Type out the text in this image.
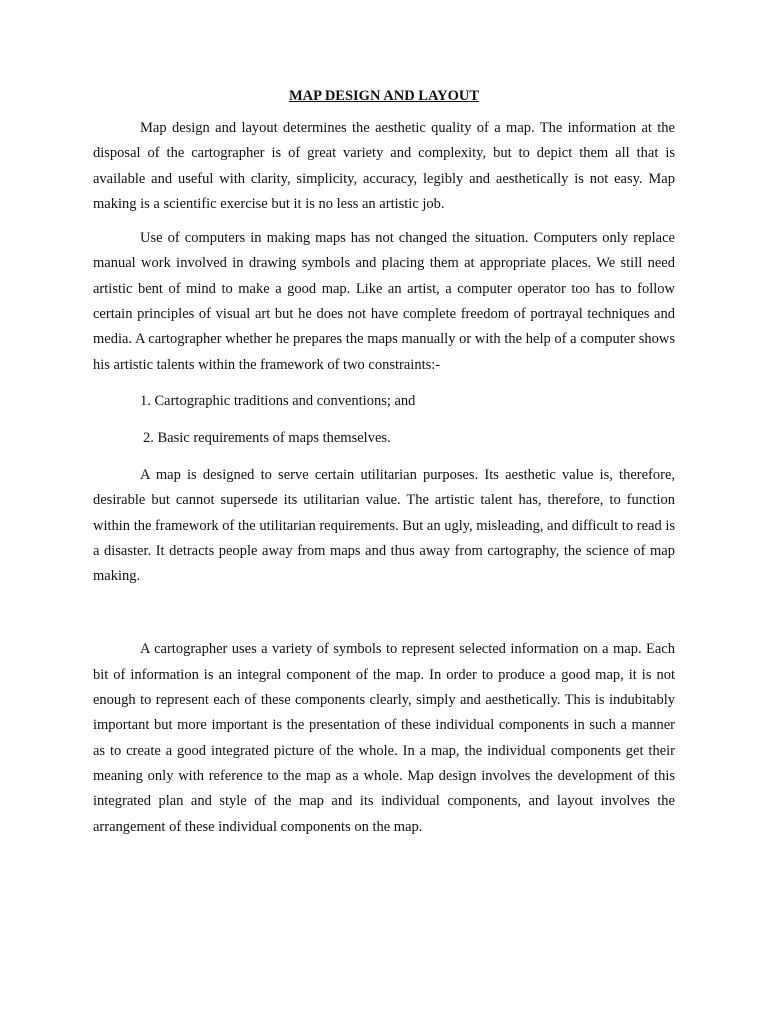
MAP DESIGN AND LAYOUT

Map design and layout determines the aesthetic quality of a map. The information at the disposal of the cartographer is of great variety and complexity, but to depict them all that is available and useful with clarity, simplicity, accuracy, legibly and aesthetically is not easy. Map making is a scientific exercise but it is no less an artistic job.

Use of computers in making maps has not changed the situation. Computers only replace manual work involved in drawing symbols and placing them at appropriate places. We still need artistic bent of mind to make a good map. Like an artist, a computer operator too has to follow certain principles of visual art but he does not have complete freedom of portrayal techniques and media. A cartographer whether he prepares the maps manually or with the help of a computer shows his artistic talents within the framework of two constraints:-

1. Cartographic traditions and conventions; and

2. Basic requirements of maps themselves.

A map is designed to serve certain utilitarian purposes. Its aesthetic value is, therefore, desirable but cannot supersede its utilitarian value. The artistic talent has, therefore, to function within the framework of the utilitarian requirements. But an ugly, misleading, and difficult to read is a disaster. It detracts people away from maps and thus away from cartography, the science of map making.

A cartographer uses a variety of symbols to represent selected information on a map. Each bit of information is an integral component of the map. In order to produce a good map, it is not enough to represent each of these components clearly, simply and aesthetically. This is indubitably important but more important is the presentation of these individual components in such a manner as to create a good integrated picture of the whole. In a map, the individual components get their meaning only with reference to the map as a whole. Map design involves the development of this integrated plan and style of the map and its individual components, and layout involves the arrangement of these individual components on the map.
